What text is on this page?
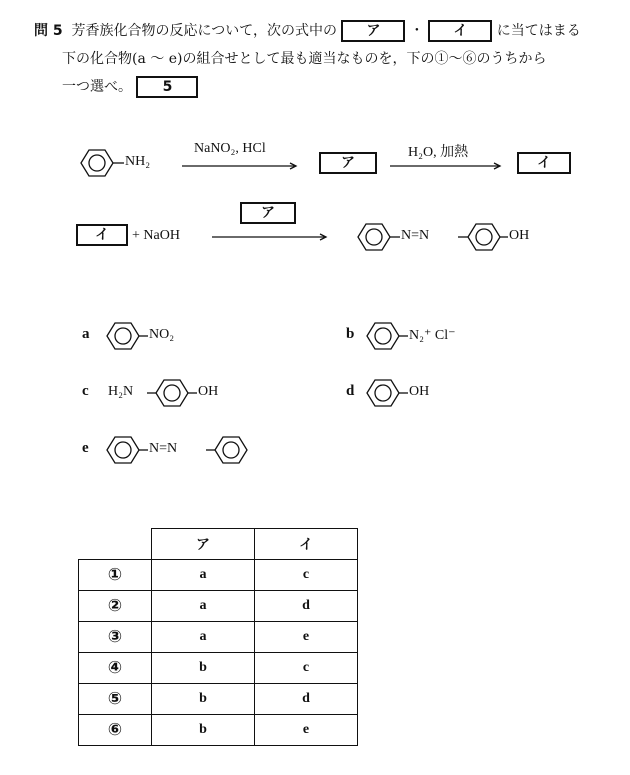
問 5 芳香族化合物の反応について，次の式中の ア ・ イ に当てはまる
下の化合物(a ～ e)の組合せとして最も適当なものを，下の①～⑥のうちから
一つ選べ。 5
NH₂
NaNO₂, HCl
ア
H₂O, 加熱
イ
イ	+ NaOH
ア
N=N	OH
a	NO₂	b	N₂⁺ Cl⁻
c H₂N	OH	d	OH
e	N=N
	ア	イ
①	a	c
②	a	d
③	a	e
④	b	c
⑤	b	d
⑥	b	e
